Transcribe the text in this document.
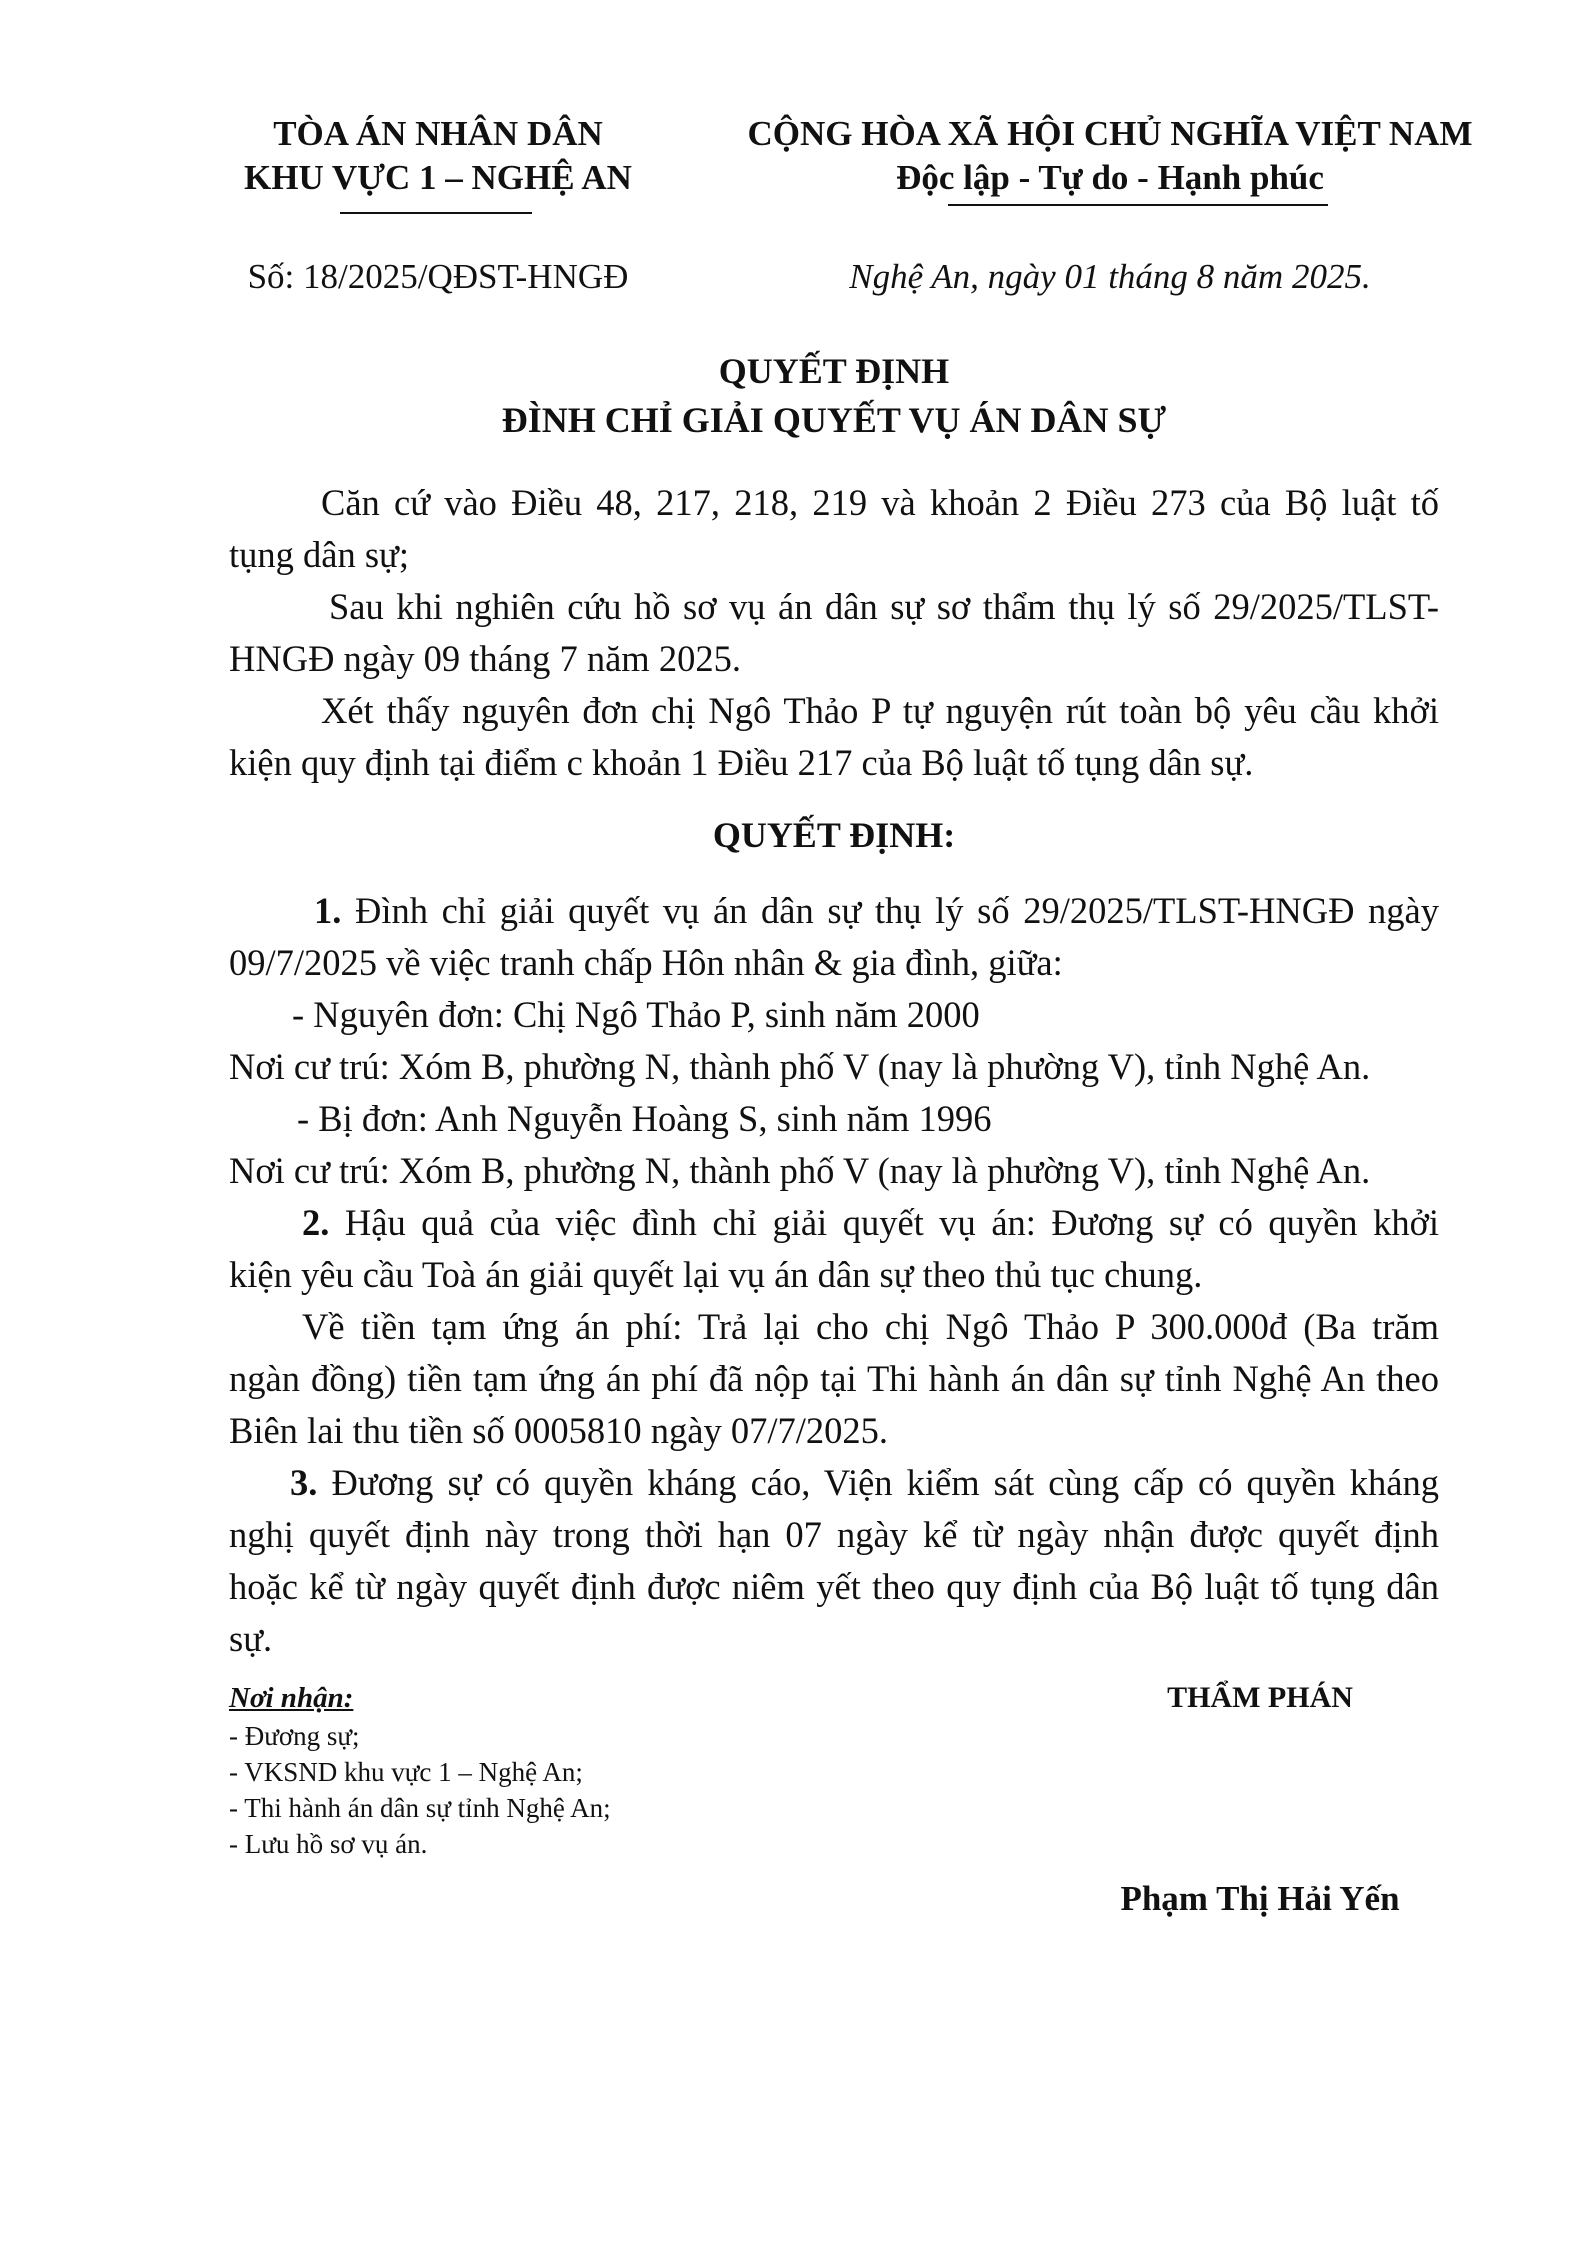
TÒA ÁN NHÂN DÂN
KHU VỰC 1 – NGHỆ AN
CỘNG HÒA XÃ HỘI CHỦ NGHĨA VIỆT NAM
Độc lập - Tự do - Hạnh phúc
Số: 18/2025/QĐST-HNGĐ	Nghệ An, ngày 01 tháng 8 năm 2025.
QUYẾT ĐỊNH
ĐÌNH CHỈ GIẢI QUYẾT VỤ ÁN DÂN SỰ
Căn cứ vào Điều 48, 217, 218, 219 và khoản 2 Điều 273 của Bộ luật tố
tụng dân sự;
Sau khi nghiên cứu hồ sơ vụ án dân sự sơ thẩm thụ lý số 29/2025/TLST-
HNGĐ ngày 09 tháng 7 năm 2025.
Xét thấy nguyên đơn chị Ngô Thảo P tự nguyện rút toàn bộ yêu cầu khởi
kiện quy định tại điểm c khoản 1 Điều 217 của Bộ luật tố tụng dân sự.
QUYẾT ĐỊNH:
1. Đình chỉ giải quyết vụ án dân sự thụ lý số 29/2025/TLST-HNGĐ ngày
09/7/2025 về việc tranh chấp Hôn nhân & gia đình, giữa:
- Nguyên đơn: Chị Ngô Thảo P, sinh năm 2000
Nơi cư trú: Xóm B, phường N, thành phố V (nay là phường V), tỉnh Nghệ An.
- Bị đơn: Anh Nguyễn Hoàng S, sinh năm 1996
Nơi cư trú: Xóm B, phường N, thành phố V (nay là phường V), tỉnh Nghệ An.
2. Hậu quả của việc đình chỉ giải quyết vụ án: Đương sự có quyền khởi
kiện yêu cầu Toà án giải quyết lại vụ án dân sự theo thủ tục chung.
Về tiền tạm ứng án phí: Trả lại cho chị Ngô Thảo P 300.000đ (Ba trăm
ngàn đồng) tiền tạm ứng án phí đã nộp tại Thi hành án dân sự tỉnh Nghệ An theo
Biên lai thu tiền số 0005810 ngày 07/7/2025.
3. Đương sự có quyền kháng cáo, Viện kiểm sát cùng cấp có quyền kháng
nghị quyết định này trong thời hạn 07 ngày kể từ ngày nhận được quyết định
hoặc kể từ ngày quyết định được niêm yết theo quy định của Bộ luật tố tụng dân
sự.
Nơi nhận:
- Đương sự;
- VKSND khu vực 1 – Nghệ An;
- Thi hành án dân sự tỉnh Nghệ An;
- Lưu hồ sơ vụ án.
THẨM PHÁN
Phạm Thị Hải Yến
